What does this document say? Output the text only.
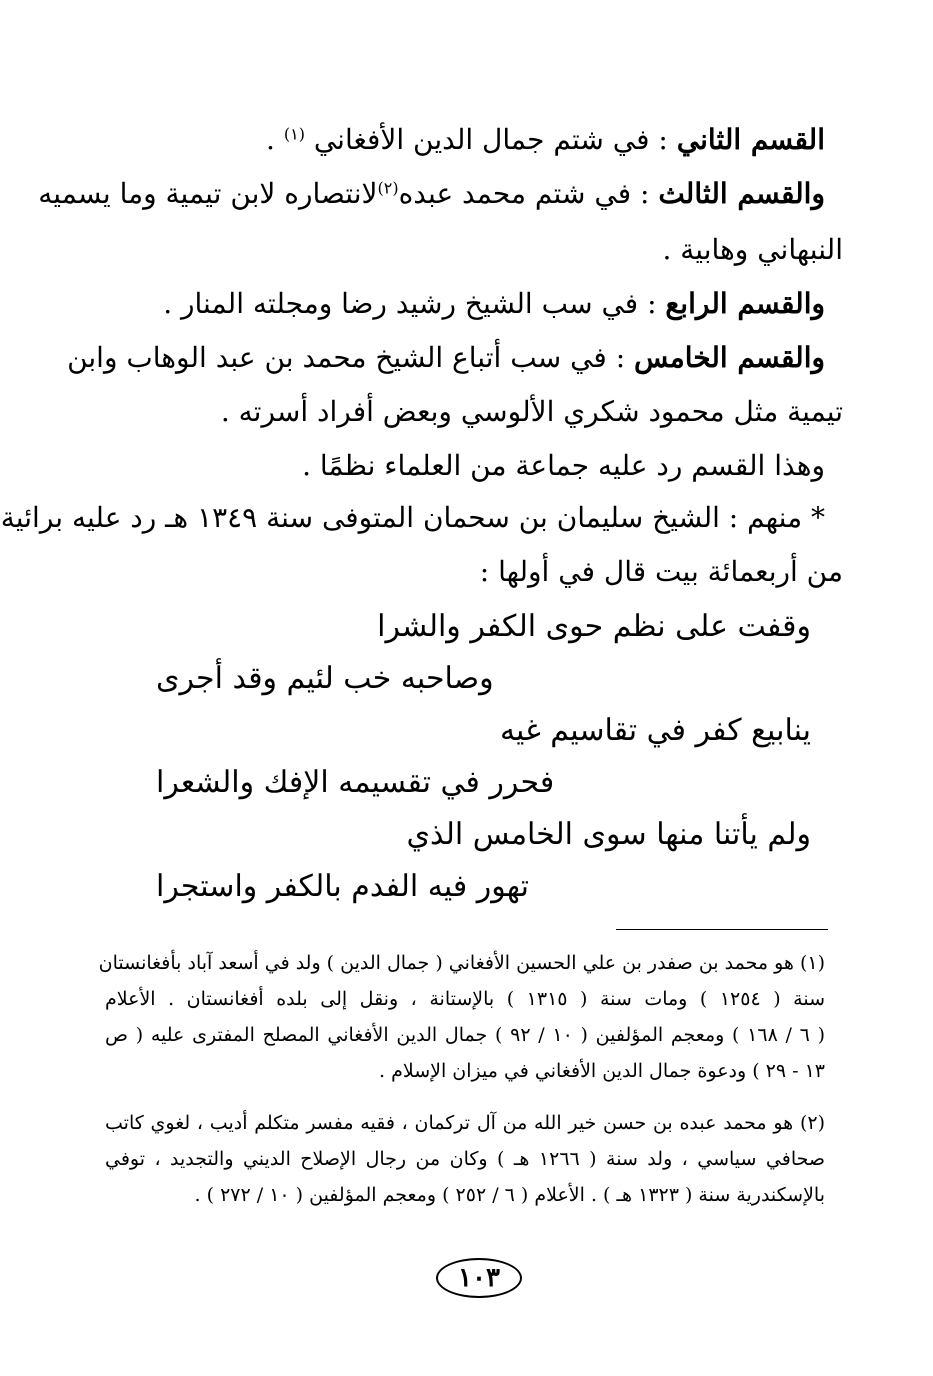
القسم الثاني : في شتم جمال الدين الأفغاني $^{(١)}$ .
والقسم الثالث : في شتم محمد عبده$^{(٢)}$لانتصاره لابن تيمية وما يسميه
النبهاني وهابية .
والقسم الرابع : في سب الشيخ رشيد رضا ومجلته المنار .
والقسم الخامس : في سب أتباع الشيخ محمد بن عبد الوهاب وابن
تيمية مثل محمود شكري الألوسي وبعض أفراد أسرته .
وهذا القسم رد عليه جماعة من العلماء نظمًا .
* منهم : الشيخ سليمان بن سحمان المتوفى سنة ١٣٤٩ هـ رد عليه برائية
من أربعمائة بيت قال في أولها :
وقفت على نظم حوى الكفر والشرا
وصاحبه خب لئيم وقد أجرى
ينابيع كفر في تقاسيم غيه
فحرر في تقسيمه الإفك والشعرا
ولم يأتنا منها سوى الخامس الذي
تهور فيه الفدم بالكفر واستجرا
(١) هو محمد بن صفدر بن علي الحسين الأفغاني ( جمال الدين ) ولد في أسعد آباد بأفغانستان
سنة ( ١٢٥٤ ) ومات سنة ( ١٣١٥ ) بالإستانة ، ونقل إلى بلده أفغانستان . الأعلام
( ٦ / ١٦٨ ) ومعجم المؤلفين ( ١٠ / ٩٢ ) جمال الدين الأفغاني المصلح المفترى عليه ( ص
١٣ - ٢٩ ) ودعوة جمال الدين الأفغاني في ميزان الإسلام .
(٢) هو محمد عبده بن حسن خير الله من آل تركمان ، فقيه مفسر متكلم أديب ، لغوي كاتب
صحافي سياسي ، ولد سنة ( ١٢٦٦ هـ ) وكان من رجال الإصلاح الديني والتجديد ، توفي
بالإسكندرية سنة ( ١٣٢٣ هـ ) . الأعلام ( ٦ / ٢٥٢ ) ومعجم المؤلفين ( ١٠ / ٢٧٢ ) .
١٠٣
